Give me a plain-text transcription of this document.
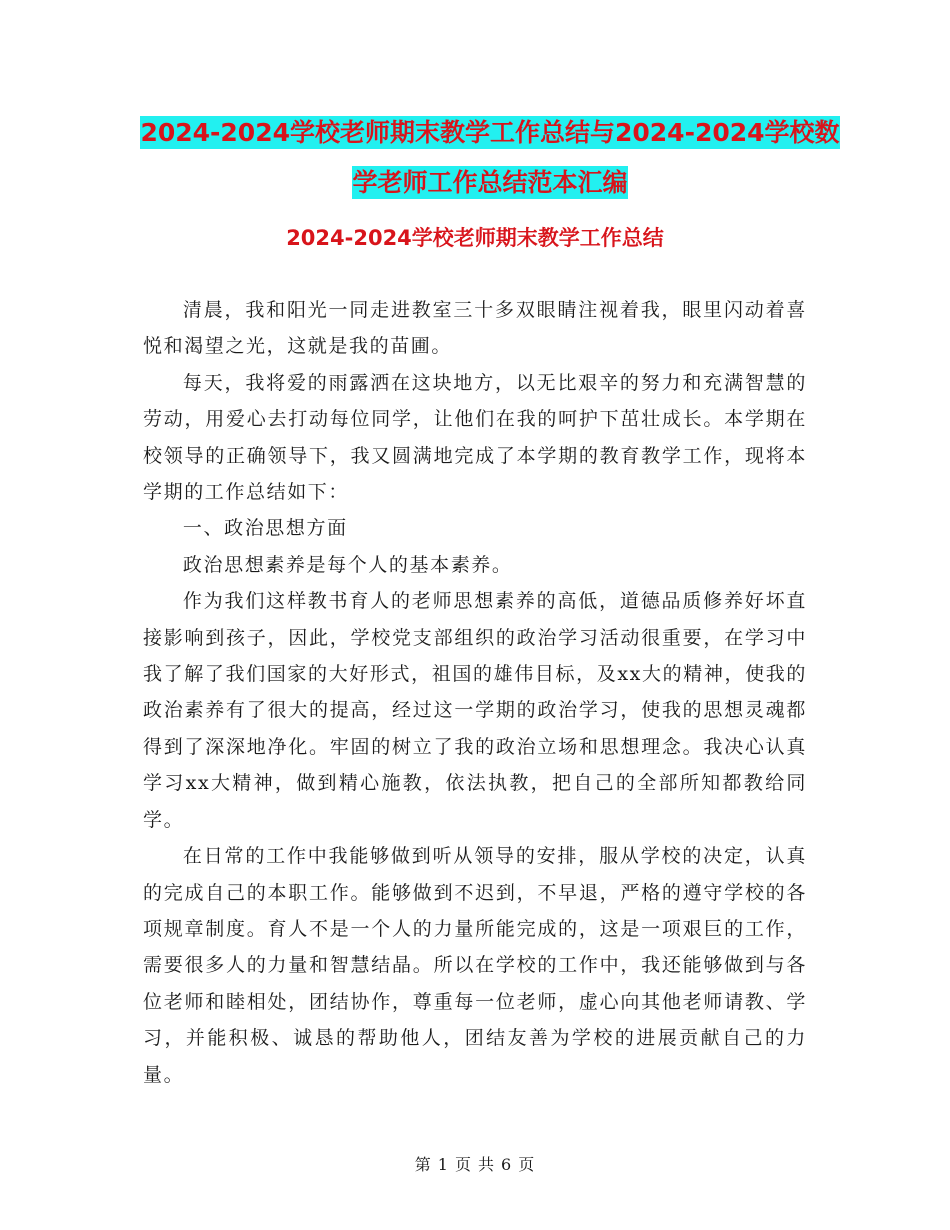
2024-2024学校老师期末教学工作总结与2024-2024学校数学老师工作总结范本汇编
2024-2024学校老师期末教学工作总结

清晨，我和阳光一同走进教室三十多双眼睛注视着我，眼里闪动着喜悦和渴望之光，这就是我的苗圃。

每天，我将爱的雨露洒在这块地方，以无比艰辛的努力和充满智慧的劳动，用爱心去打动每位同学，让他们在我的呵护下茁壮成长。本学期在校领导的正确领导下，我又圆满地完成了本学期的教育教学工作，现将本学期的工作总结如下：

一、政治思想方面

政治思想素养是每个人的基本素养。

作为我们这样教书育人的老师思想素养的高低，道德品质修养好坏直接影响到孩子，因此，学校党支部组织的政治学习活动很重要，在学习中我了解了我们国家的大好形式，祖国的雄伟目标，及xx大的精神，使我的政治素养有了很大的提高，经过这一学期的政治学习，使我的思想灵魂都得到了深深地净化。牢固的树立了我的政治立场和思想理念。我决心认真学习xx大精神，做到精心施教，依法执教，把自己的全部所知都教给同学。

在日常的工作中我能够做到听从领导的安排，服从学校的决定，认真的完成自己的本职工作。能够做到不迟到，不早退，严格的遵守学校的各项规章制度。育人不是一个人的力量所能完成的，这是一项艰巨的工作，需要很多人的力量和智慧结晶。所以在学校的工作中，我还能够做到与各位老师和睦相处，团结协作，尊重每一位老师，虚心向其他老师请教、学习，并能积极、诚恳的帮助他人，团结友善为学校的进展贡献自己的力量。

第 1 页 共 6 页
